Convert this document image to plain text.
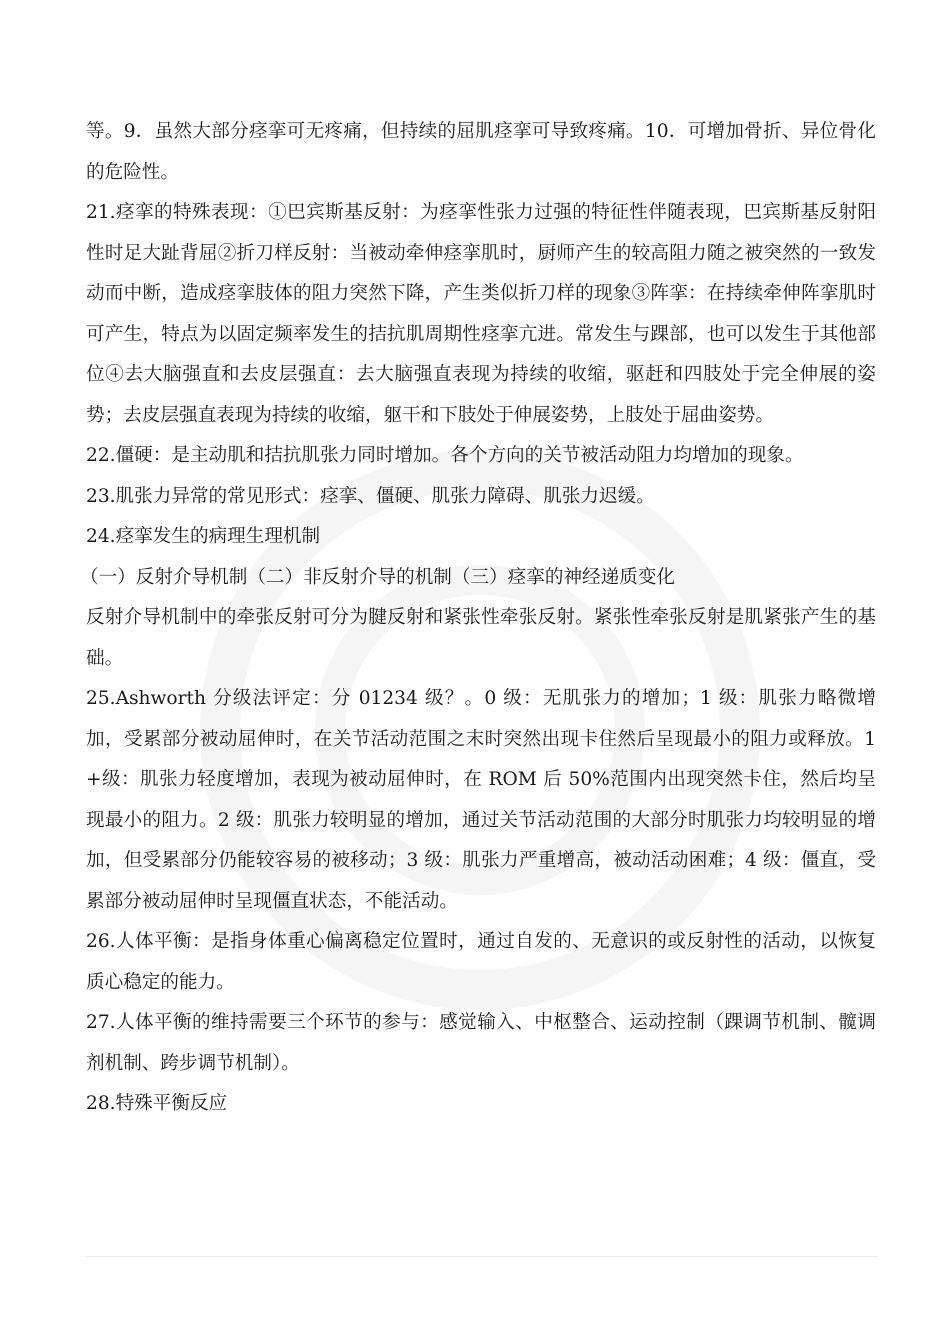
等。9．虽然大部分痉挛可无疼痛，但持续的屈肌痉挛可导致疼痛。10．可增加骨折、异位骨化的危险性。

21.痉挛的特殊表现：①巴宾斯基反射：为痉挛性张力过强的特征性伴随表现，巴宾斯基反射阳性时足大趾背屈②折刀样反射：当被动牵伸痉挛肌时，厨师产生的较高阻力随之被突然的一致发动而中断，造成痉挛肢体的阻力突然下降，产生类似折刀样的现象③阵挛：在持续牵伸阵挛肌时可产生，特点为以固定频率发生的拮抗肌周期性痉挛亢进。常发生与踝部，也可以发生于其他部位④去大脑强直和去皮层强直：去大脑强直表现为持续的收缩，驱赶和四肢处于完全伸展的姿势；去皮层强直表现为持续的收缩，躯干和下肢处于伸展姿势，上肢处于屈曲姿势。

22.僵硬：是主动肌和拮抗肌张力同时增加。各个方向的关节被活动阻力均增加的现象。

23.肌张力异常的常见形式：痉挛、僵硬、肌张力障碍、肌张力迟缓。

24.痉挛发生的病理生理机制

（一）反射介导机制（二）非反射介导的机制（三）痉挛的神经递质变化

反射介导机制中的牵张反射可分为腱反射和紧张性牵张反射。紧张性牵张反射是肌紧张产生的基础。

25.Ashworth 分级法评定：分 01234 级？。0 级：无肌张力的增加；1 级：肌张力略微增加，受累部分被动屈伸时，在关节活动范围之末时突然出现卡住然后呈现最小的阻力或释放。1+级：肌张力轻度增加，表现为被动屈伸时，在 ROM 后 50%范围内出现突然卡住，然后均呈现最小的阻力。2 级：肌张力较明显的增加，通过关节活动范围的大部分时肌张力均较明显的增加，但受累部分仍能较容易的被移动；3 级：肌张力严重增高，被动活动困难；4 级：僵直，受累部分被动屈伸时呈现僵直状态，不能活动。

26.人体平衡：是指身体重心偏离稳定位置时，通过自发的、无意识的或反射性的活动，以恢复质心稳定的能力。

27.人体平衡的维持需要三个环节的参与：感觉输入、中枢整合、运动控制（踝调节机制、髋调剂机制、跨步调节机制）。

28.特殊平衡反应
